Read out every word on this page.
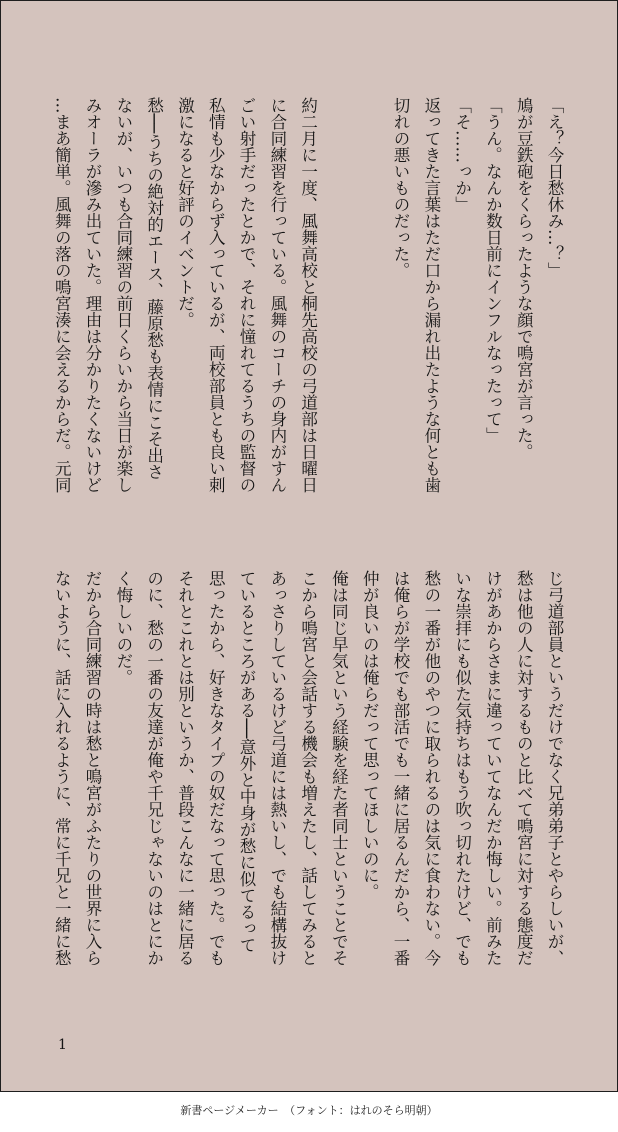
「え？今日愁休み…？」
鳩が豆鉄砲をくらったような顔で鳴宮が言った。
「うん。なんか数日前にインフルなったって」
「そ……っか」
返ってきた言葉はただ口から漏れ出たような何とも歯
切れの悪いものだった。

約二月に一度、風舞高校と桐先高校の弓道部は日曜日
に合同練習を行っている。風舞のコーチの身内がすん
ごい射手だったとかで、それに憧れてるうちの監督の
私情も少なからず入っているが、両校部員とも良い刺
激になると好評のイベントだ。
愁──うちの絶対的エース、藤原愁も表情にこそ出さ
ないが、いつも合同練習の前日くらいから当日が楽し
みオーラが滲み出ていた。理由は分かりたくないけど
…まあ簡単。風舞の落の鳴宮湊に会えるからだ。元同
じ弓道部員というだけでなく兄弟弟子とやらしいが、
愁は他の人に対するものと比べて鳴宮に対する態度だ
けがあからさまに違っていてなんだか悔しい。前みた
いな崇拝にも似た気持ちはもう吹っ切れたけど、でも
愁の一番が他のやつに取られるのは気に食わない。今
は俺らが学校でも部活でも一緒に居るんだから、一番
仲が良いのは俺らだって思ってほしいのに。
俺は同じ早気という経験を経た者同士ということでそ
こから鳴宮と会話する機会も増えたし、話してみると
あっさりしているけど弓道には熱いし、でも結構抜け
ているところがある──意外と中身が愁に似てるって
思ったから、好きなタイプの奴だなって思った。でも
それとこれとは別というか、普段こんなに一緒に居る
のに、愁の一番の友達が俺や千兄じゃないのはとにか
く悔しいのだ。
だから合同練習の時は愁と鳴宮がふたりの世界に入ら
ないように、話に入れるように、常に千兄と一緒に愁
1
新書ページメーカー　（フォント：はれのそら明朝）
